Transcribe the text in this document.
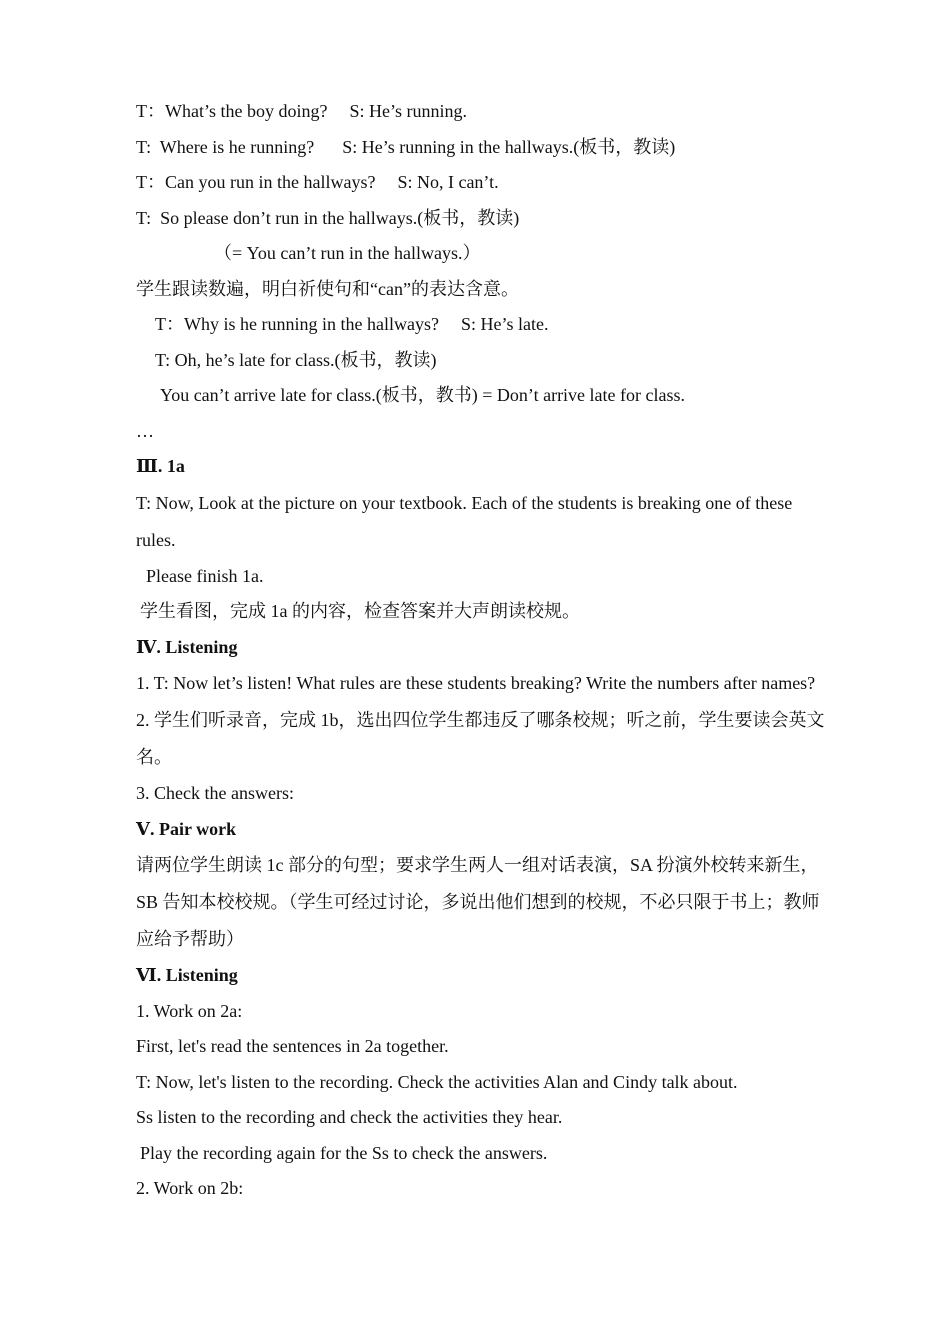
T：What’s the boy doing? S: He’s running.
T:  Where is he running? S: He’s running in the hallways.(板书，教读)
T：Can you run in the hallways? S: No, I can’t.
T:  So please don’t run in the hallways.(板书，教读)
（= You can’t run in the hallways.）
学生跟读数遍，明白祈使句和“can”的表达含意。
T：Why is he running in the hallways? S: He’s late.
T: Oh, he’s late for class.(板书，教读)
You can’t arrive late for class.(板书，教书) = Don’t arrive late for class.
…
Ⅲ. 1a
T: Now, Look at the picture on your textbook. Each of the students is breaking one of these rules.
Please finish 1a.
学生看图，完成 1a 的内容，检查答案并大声朗读校规。
Ⅳ. Listening
1. T: Now let’s listen! What rules are these students breaking? Write the numbers after names?
2. 学生们听录音，完成 1b，选出四位学生都违反了哪条校规；听之前，学生要读会英文名。
3. Check the answers:
Ⅴ. Pair work
请两位学生朗读 1c 部分的句型；要求学生两人一组对话表演，SA 扮演外校转来新生，SB 告知本校校规。（学生可经过讨论，多说出他们想到的校规，不必只限于书上；教师应给予帮助）
Ⅵ. Listening
1. Work on 2a:
First, let's read the sentences in 2a together.
T: Now, let's listen to the recording. Check the activities Alan and Cindy talk about.
Ss listen to the recording and check the activities they hear.
Play the recording again for the Ss to check the answers.
2. Work on 2b:
